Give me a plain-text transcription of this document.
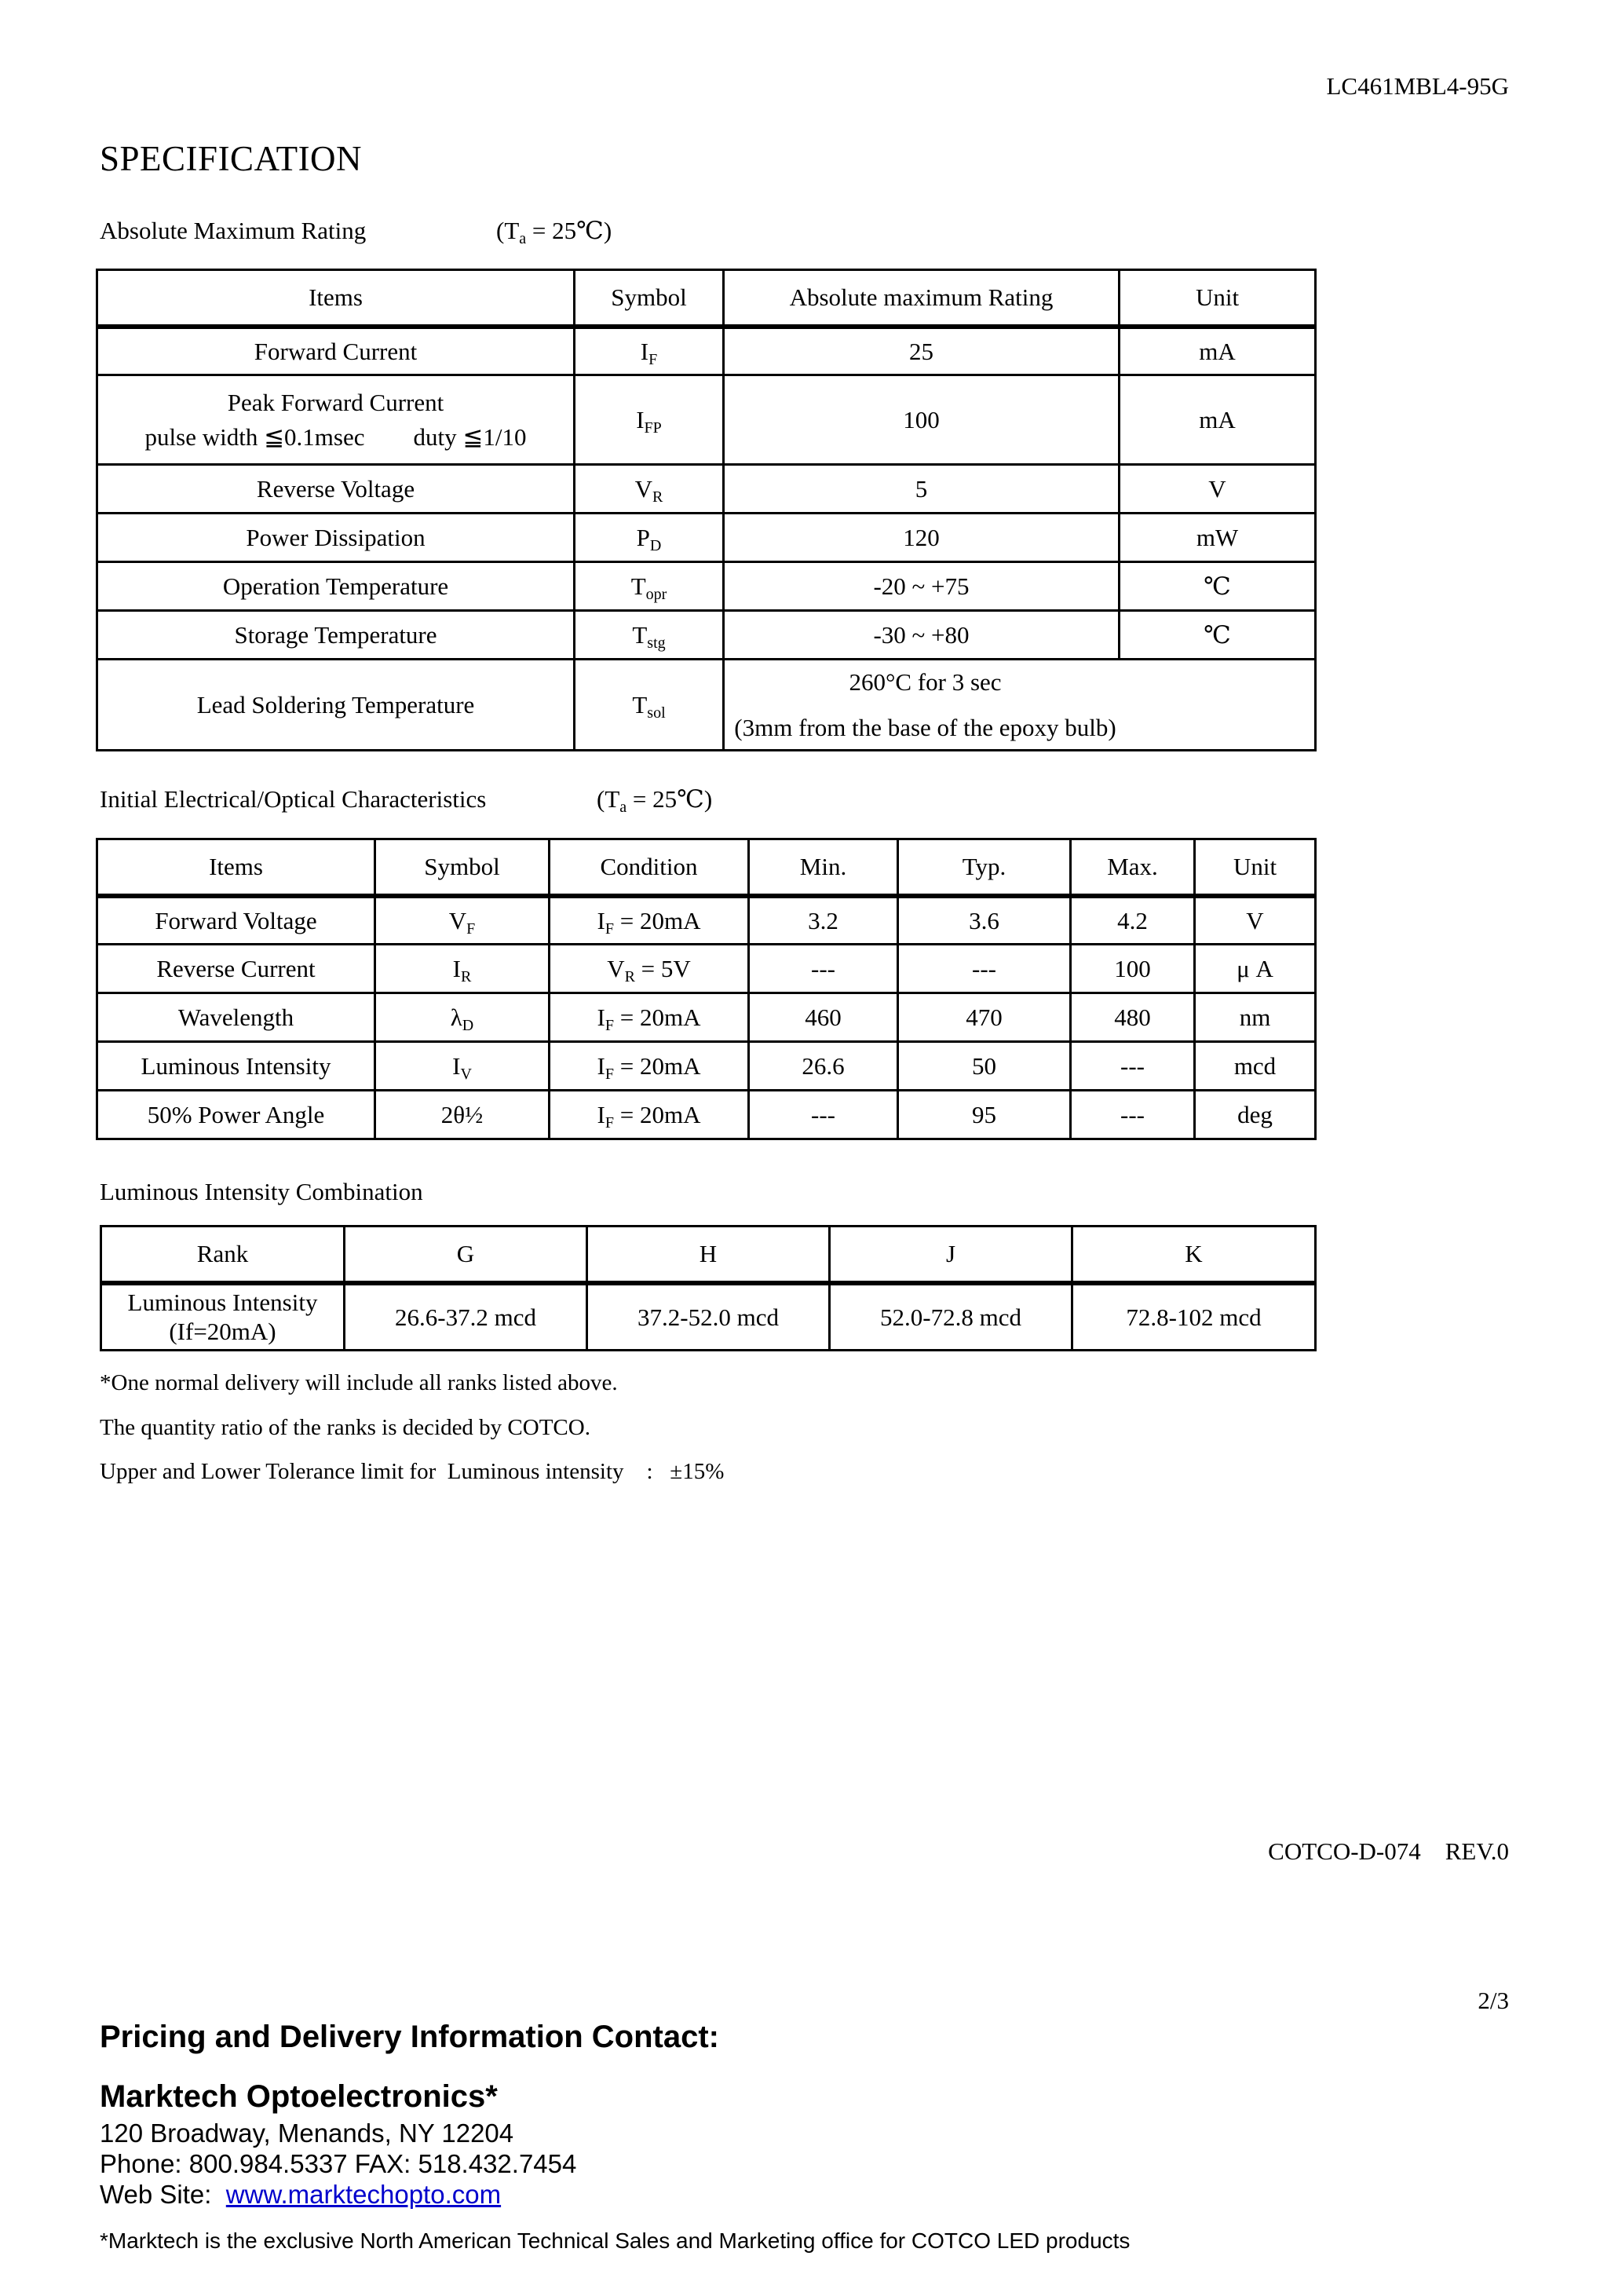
LC461MBL4-95G
SPECIFICATION
Absolute Maximum Rating	($T_a$ = 25℃)
Items	Symbol	Absolute maximum Rating	Unit
Forward Current	$I_F$	25	mA

Peak Forward Current
pulse width ≦0.1msec        duty ≦1/10	$I_{FP}$	100	mA
Reverse Voltage	$V_R$	5	V
Power Dissipation	$P_D$	120	mW
Operation Temperature	$T_{opr}$	-20 ~ +75	℃
Storage Temperature	$T_{stg}$	-30 ~ +80	℃
Lead Soldering Temperature	$T_{sol}$	260°C for 3 sec
(3mm from the base of the epoxy bulb)	
Initial Electrical/Optical Characteristics	($T_a$ = 25℃)
Items	Symbol	Condition	Min.	Typ.	Max.	Unit
Forward Voltage	$V_F$	$I_F = 20mA$	3.2	3.6	4.2	V
Reverse Current	$I_R$	$V_R = 5V$	---	---	100	μ A
Wavelength	$\lambda_D$	$I_F = 20mA$	460	470	480	nm
Luminous Intensity	$I_V$	$I_F = 20mA$	26.6	50	---	mcd
50% Power Angle	2θ½	$I_F = 20mA$	---	95	---	deg
Luminous Intensity Combination
Rank	G	H	J	K

Luminous Intensity
(If=20mA)	26.6-37.2 mcd	37.2-52.0 mcd	52.0-72.8 mcd	72.8-102 mcd
*One normal delivery will include all ranks listed above.
The quantity ratio of the ranks is decided by COTCO.
Upper and Lower Tolerance limit for  Luminous intensity    :   ±15%
COTCO-D-074    REV.0
2/3
Pricing and Delivery Information Contact:
Marktech Optoelectronics*
120 Broadway, Menands, NY 12204
Phone: 800.984.5337 FAX: 518.432.7454
Web Site:  www.marktechopto.com
*Marktech is the exclusive North American Technical Sales and Marketing office for COTCO LED products
